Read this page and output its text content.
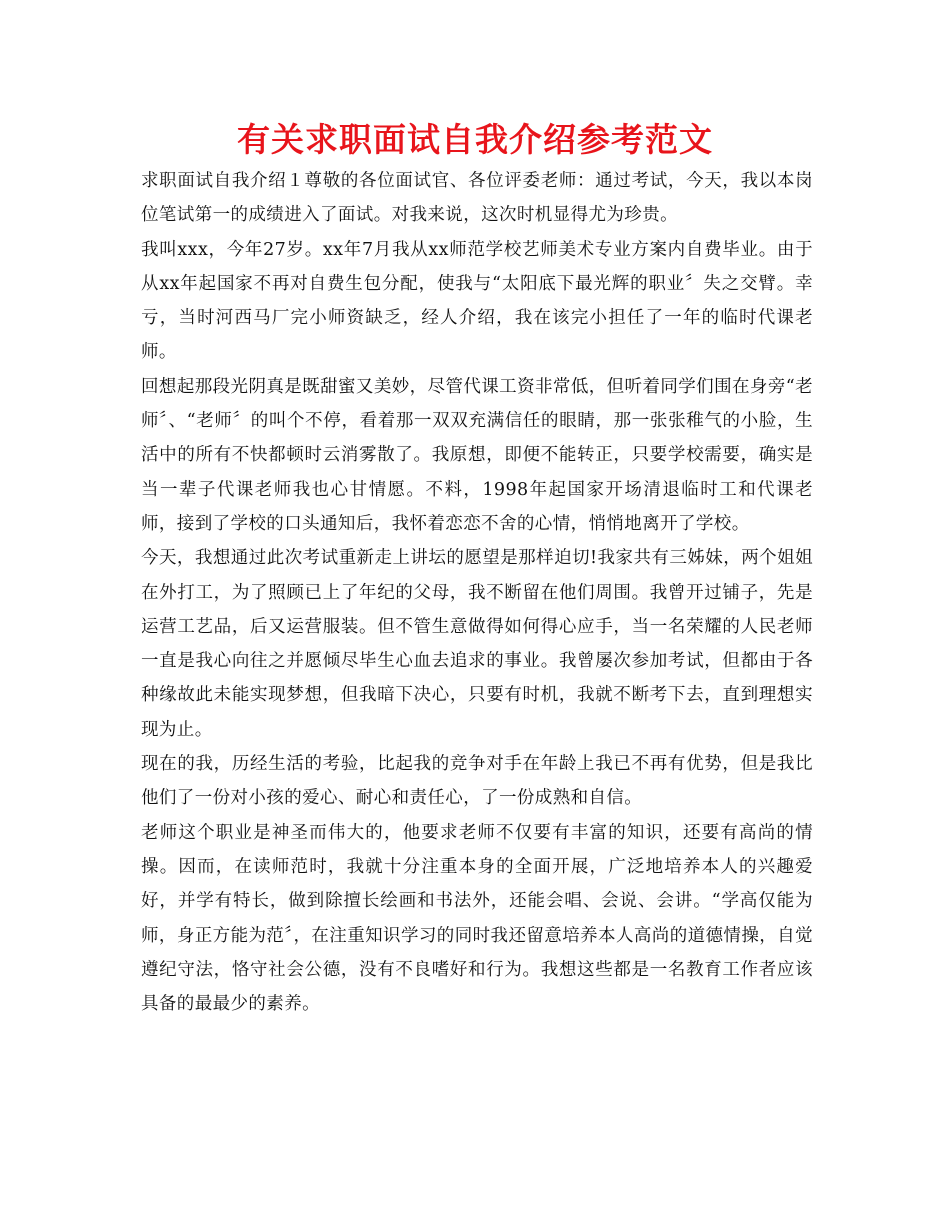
有关求职面试自我介绍参考范文

求职面试自我介绍１尊敬的各位面试官、各位评委老师：通过考试，今天，我以本岗位笔试第一的成绩进入了面试。对我来说，这次时机显得尤为珍贵。

我叫xxx，今年27岁。xx年7月我从xx师范学校艺师美术专业方案内自费毕业。由于从xx年起国家不再对自费生包分配，使我与“太阳底下最光辉的职业〞失之交臂。幸亏，当时河西马厂完小师资缺乏，经人介绍，我在该完小担任了一年的临时代课老师。

回想起那段光阴真是既甜蜜又美妙，尽管代课工资非常低，但听着同学们围在身旁“老师〞、“老师〞的叫个不停，看着那一双双充满信任的眼睛，那一张张稚气的小脸，生活中的所有不快都顿时云消雾散了。我原想，即便不能转正，只要学校需要，确实是当一辈子代课老师我也心甘情愿。不料，1998年起国家开场清退临时工和代课老师，接到了学校的口头通知后，我怀着恋恋不舍的心情，悄悄地离开了学校。

今天，我想通过此次考试重新走上讲坛的愿望是那样迫切!我家共有三姊妹，两个姐姐在外打工，为了照顾已上了年纪的父母，我不断留在他们周围。我曾开过铺子，先是运营工艺品，后又运营服装。但不管生意做得如何得心应手，当一名荣耀的人民老师一直是我心向往之并愿倾尽毕生心血去追求的事业。我曾屡次参加考试，但都由于各种缘故此未能实现梦想，但我暗下决心，只要有时机，我就不断考下去，直到理想实现为止。

现在的我，历经生活的考验，比起我的竞争对手在年龄上我已不再有优势，但是我比他们了一份对小孩的爱心、耐心和责任心，了一份成熟和自信。

老师这个职业是神圣而伟大的，他要求老师不仅要有丰富的知识，还要有高尚的情操。因而，在读师范时，我就十分注重本身的全面开展，广泛地培养本人的兴趣爱好，并学有特长，做到除擅长绘画和书法外，还能会唱、会说、会讲。“学高仅能为师，身正方能为范〞，在注重知识学习的同时我还留意培养本人高尚的道德情操，自觉遵纪守法，恪守社会公德，没有不良嗜好和行为。我想这些都是一名教育工作者应该具备的最最少的素养。
